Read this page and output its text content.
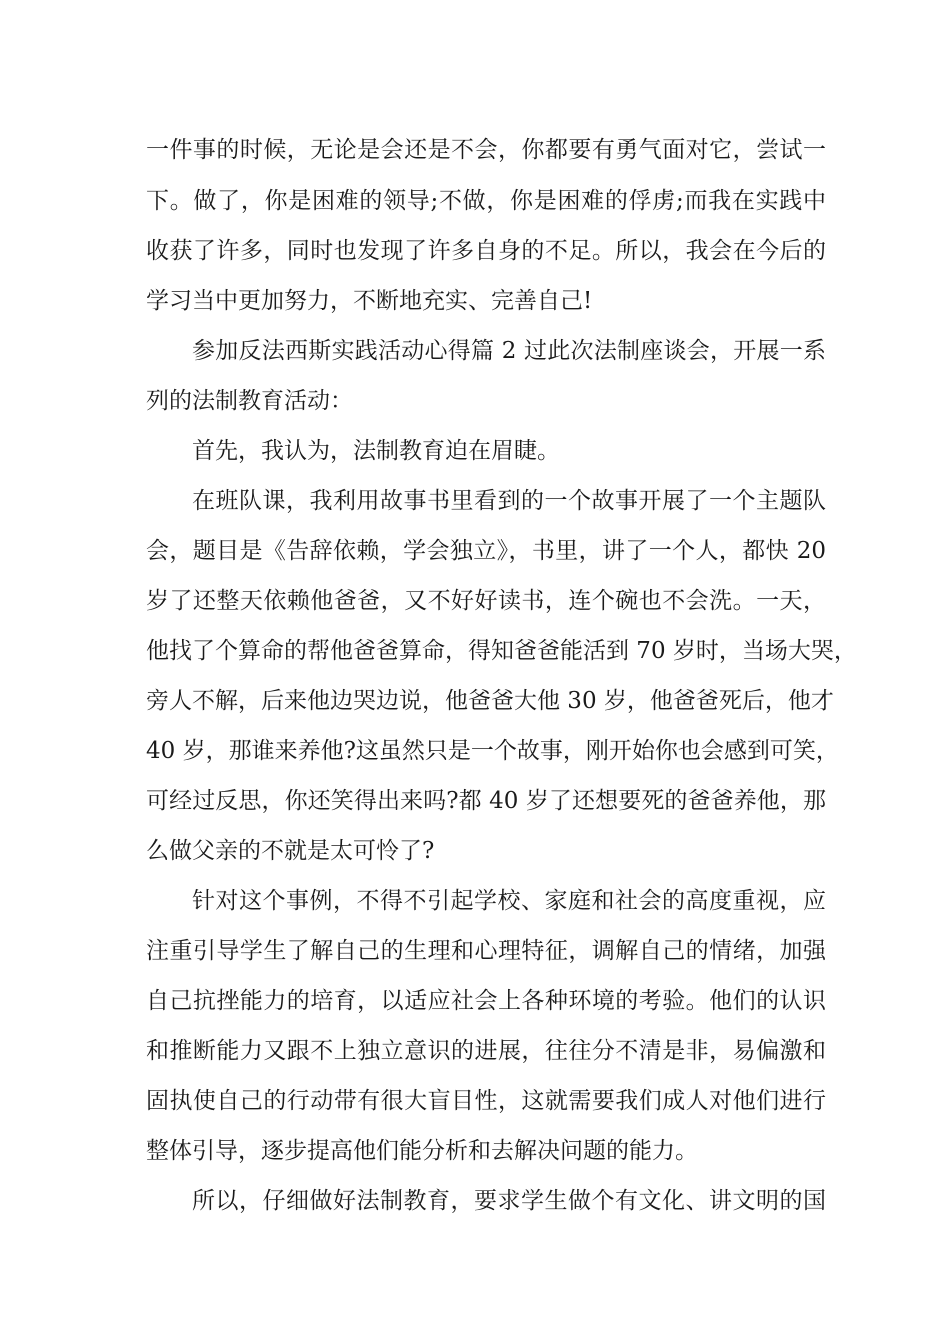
一件事的时候，无论是会还是不会，你都要有勇气面对它，尝试一
下。做了，你是困难的领导;不做，你是困难的俘虏;而我在实践中
收获了许多，同时也发现了许多自身的不足。所以，我会在今后的
学习当中更加努力，不断地充实、完善自己!
参加反法西斯实践活动心得篇 2 过此次法制座谈会，开展一系
列的法制教育活动：
首先，我认为，法制教育迫在眉睫。
在班队课，我利用故事书里看到的一个故事开展了一个主题队
会，题目是《告辞依赖，学会独立》，书里，讲了一个人，都快 20
岁了还整天依赖他爸爸，又不好好读书，连个碗也不会洗。一天，
他找了个算命的帮他爸爸算命，得知爸爸能活到 70 岁时，当场大哭，
旁人不解，后来他边哭边说，他爸爸大他 30 岁，他爸爸死后，他才
40 岁，那谁来养他?这虽然只是一个故事，刚开始你也会感到可笑，
可经过反思，你还笑得出来吗?都 40 岁了还想要死的爸爸养他，那
么做父亲的不就是太可怜了?
针对这个事例，不得不引起学校、家庭和社会的高度重视，应
注重引导学生了解自己的生理和心理特征，调解自己的情绪，加强
自己抗挫能力的培育，以适应社会上各种环境的考验。他们的认识
和推断能力又跟不上独立意识的进展，往往分不清是非，易偏激和
固执使自己的行动带有很大盲目性，这就需要我们成人对他们进行
整体引导，逐步提高他们能分析和去解决问题的能力。
所以，仔细做好法制教育，要求学生做个有文化、讲文明的国
